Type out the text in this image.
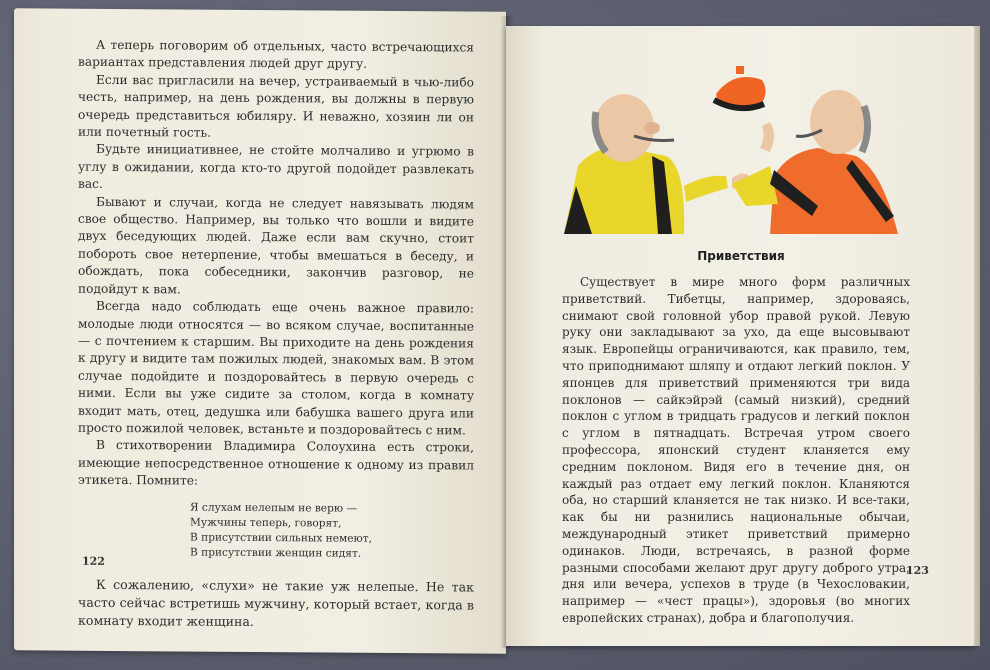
А теперь поговорим об отдельных, часто встречающихся вариантах представления людей друг другу.

Если вас пригласили на вечер, устраиваемый в чью-либо честь, например, на день рождения, вы должны в первую очередь представиться юбиляру. И неважно, хозяин ли он или почетный гость.

Будьте инициативнее, не стойте молчаливо и угрюмо в углу в ожидании, когда кто-то другой подойдет развлекать вас.

Бывают и случаи, когда не следует навязывать людям свое общество. Например, вы только что вошли и видите двух беседующих людей. Даже если вам скучно, стоит побороть свое нетерпение, чтобы вмешаться в беседу, и обождать, пока собеседники, закончив разговор, не подойдут к вам.

Всегда надо соблюдать еще очень важное правило: молодые люди относятся — во всяком случае, воспитанные — с почтением к старшим. Вы приходите на день рождения к другу и видите там пожилых людей, знакомых вам. В этом случае подойдите и поздоровайтесь в первую очередь с ними. Если вы уже сидите за столом, когда в комнату входит мать, отец, дедушка или бабушка вашего друга или просто пожилой человек, встаньте и поздоровайтесь с ним.

В стихотворении Владимира Солоухина есть строки, имеющие непосредственное отношение к одному из правил этикета. Помните:

Я слухам нелепым не верю —
Мужчины теперь, говорят,
В присутствии сильных немеют,
В присутствии женщин сидят.

К сожалению, «слухи» не такие уж нелепые. Не так часто сейчас встретишь мужчину, который встает, когда в комнату входит женщина.

122
Приветствия

Существует в мире много форм различных приветствий. Тибетцы, например, здороваясь, снимают свой головной убор правой рукой. Левую руку они закладывают за ухо, да еще высовывают язык. Европейцы ограничиваются, как правило, тем, что приподнимают шляпу и отдают легкий поклон. У японцев для приветствий применяются три вида поклонов — сайкэйрэй (самый низкий), средний поклон с углом в тридцать градусов и легкий поклон с углом в пятнадцать. Встречая утром своего профессора, японский студент кланяется ему средним поклоном. Видя его в течение дня, он каждый раз отдает ему легкий поклон. Кланяются оба, но старший кланяется не так низко. И все-таки, как бы ни разнились национальные обычаи, международный этикет приветствий примерно одинаков. Люди, встречаясь, в разной форме разными способами желают друг другу доброго утра, дня или вечера, успехов в труде (в Чехословакии, например — «чест працы»), здоровья (во многих европейских странах), добра и благополучия.

123
